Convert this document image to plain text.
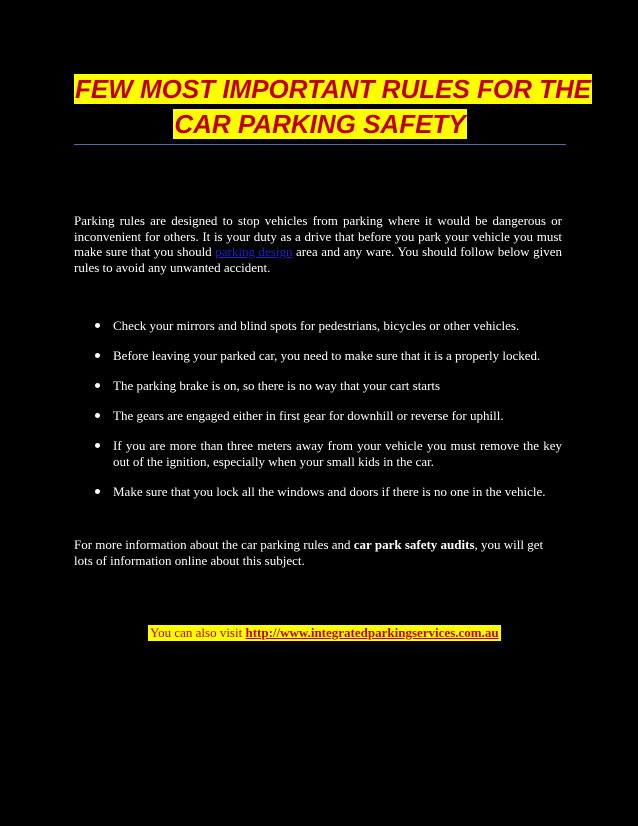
FEW MOST IMPORTANT RULES FOR THE
CAR PARKING SAFETY

Parking rules are designed to stop vehicles from parking where it would be dangerous or inconvenient for others. It is your duty as a drive that before you park your vehicle you must make sure that you should parking design area and any ware. You should follow below given rules to avoid any unwanted accident.

Check your mirrors and blind spots for pedestrians, bicycles or other vehicles.
Before leaving your parked car, you need to make sure that it is a properly locked.
The parking brake is on, so there is no way that your cart starts
The gears are engaged either in first gear for downhill or reverse for uphill.
If you are more than three meters away from your vehicle you must remove the key out of the ignition, especially when your small kids in the car.
Make sure that you lock all the windows and doors if there is no one in the vehicle.

For more information about the car parking rules and car park safety audits, you will get lots of information online about this subject.

You can also visit http://www.integratedparkingservices.com.au
